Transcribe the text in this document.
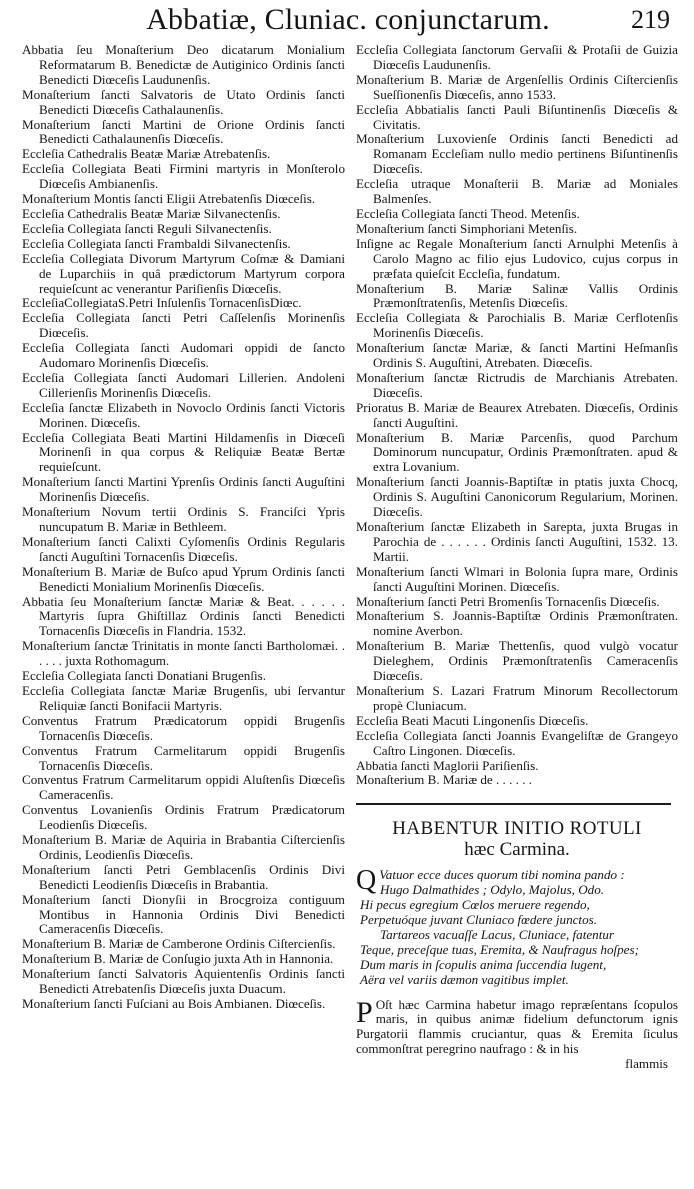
Abbatiæ, Cluniac. conjunctarum.	219

Abbatia ſeu Monaſterium Deo dicatarum Monialium Reformatarum B. Benedictæ de Autiginico Ordinis ſancti Benedicti Diœceſis Laudunenſis.

Monaſterium ſancti Salvatoris de Utato Ordinis ſancti Benedicti Diœceſis Cathalaunenſis.

Monaſterium ſancti Martini de Orione Ordinis ſancti Benedicti Cathalaunenſis Diœceſis.

Eccleſia Cathedralis Beatæ Mariæ Atrebatenſis.

Eccleſia Collegiata Beati Firmini martyris in Monſterolo Diœceſis Ambianenſis.

Monaſterium Montis ſancti Eligii Atrebatenſis Diœceſis.

Eccleſia Cathedralis Beatæ Mariæ Silvanectenſis.

Eccleſia Collegiata ſancti Reguli Silvanectenſis.

Eccleſia Collegiata ſancti Frambaldi Silvanectenſis.

Eccleſia Collegiata Divorum Martyrum Coſmæ & Damiani de Luparchiis in quâ prædictorum Martyrum corpora requieſcunt ac venerantur Pariſienſis Diœceſis.

EccleſiaCollegiataS.Petri Inſulenſis TornacenſisDiœc.

Eccleſia Collegiata ſancti Petri Caſſelenſis Morinenſis Diœceſis.

Eccleſia Collegiata ſancti Audomari oppidi de ſancto Audomaro Morinenſis Diœceſis.

Eccleſia Collegiata ſancti Audomari Lillerien. Andoleni Cillerienſis Morinenſis Diœceſis.

Eccleſia ſanctæ Elizabeth in Novoclo Ordinis ſancti Victoris Morinen. Diœceſis.

Eccleſia Collegiata Beati Martini Hildamenſis in Diœceſi Morinenſi in qua corpus & Reliquiæ Beatæ Bertæ requieſcunt.

Monaſterium ſancti Martini Yprenſis Ordinis ſancti Auguſtini Morinenſis Diœceſis.

Monaſterium Novum tertii Ordinis S. Franciſci Ypris nuncupatum B. Mariæ in Bethleem.

Monaſterium ſancti Calixti Cyſomenſis Ordinis Regularis ſancti Auguſtini Tornacenſis Diœceſis.

Monaſterium B. Mariæ de Buſco apud Yprum Ordinis ſancti Benedicti Monialium Morinenſis Diœceſis.

Abbatia ſeu Monaſterium ſanctæ Mariæ & Beat. . . . . . Martyris ſupra Ghiſtillaz Ordinis ſancti Benedicti Tornacenſis Diœceſis in Flandria. 1532.

Monaſterium ſanctæ Trinitatis in monte ſancti Bartholomæi. . . . . . juxta Rothomagum.

Eccleſia Collegiata ſancti Donatiani Brugenſis.

Eccleſia Collegiata ſanctæ Mariæ Brugenſis, ubi ſervantur Reliquiæ ſancti Bonifacii Martyris.

Conventus Fratrum Prædicatorum oppidi Brugenſis Tornacenſis Diœceſis.

Conventus Fratrum Carmelitarum oppidi Brugenſis Tornacenſis Diœceſis.

Conventus Fratrum Carmelitarum oppidi Aluſtenſis Diœceſis Cameracenſis.

Conventus Lovanienſis Ordinis Fratrum Prædicatorum Leodienſis Diœceſis.

Monaſterium B. Mariæ de Aquiria in Brabantia Ciſtercienſis Ordinis, Leodienſis Diœceſis.

Monaſterium ſancti Petri Gemblacenſis Ordinis Divi Benedicti Leodienſis Diœceſis in Brabantia.

Monaſterium ſancti Dionyſii in Brocgroiza contiguum Montibus in Hannonia Ordinis Divi Benedicti Cameracenſis Diœceſis.

Monaſterium B. Mariæ de Camberone Ordinis Ciſtercienſis.

Monaſterium B. Mariæ de Conſugio juxta Ath in Hannonia.

Monaſterium ſancti Salvatoris Aquientenſis Ordinis ſancti Benedicti Atrebatenſis Diœceſis juxta Duacum.

Monaſterium ſancti Fuſciani au Bois Ambianen. Diœceſis.

Eccleſia Collegiata ſanctorum Gervaſii & Protaſii de Guizia Diœceſis Laudunenſis.

Monaſterium B. Mariæ de Argenſellis Ordinis Ciſtercienſis Sueſſionenſis Diœceſis, anno 1533.

Eccleſia Abbatialis ſancti Pauli Biſuntinenſis Diœceſis & Civitatis.

Monaſterium Luxovienſe Ordinis ſancti Benedicti ad Romanam Eccleſiam nullo medio pertinens Biſuntinenſis Diœceſis.

Eccleſia utraque Monaſterii B. Mariæ ad Moniales Balmenſes.

Eccleſia Collegiata ſancti Theod. Metenſis.

Monaſterium ſancti Simphoriani Metenſis.

Inſigne ac Regale Monaſterium ſancti Arnulphi Metenſis à Carolo Magno ac filio ejus Ludovico, cujus corpus in præfata quieſcit Eccleſia, fundatum.

Monaſterium B. Mariæ Salinæ Vallis Ordinis Præmonſtratenſis, Metenſis Diœceſis.

Eccleſia Collegiata & Parochialis B. Mariæ Cerflotenſis Morinenſis Diœceſis.

Monaſterium ſanctæ Mariæ, & ſancti Martini Heſmanſis Ordinis S. Auguſtini, Atrebaten. Diœceſis.

Monaſterium ſanctæ Rictrudis de Marchianis Atrebaten. Diœceſis.

Prioratus B. Mariæ de Beaurex Atrebaten. Diœceſis, Ordinis ſancti Auguſtini.

Monaſterium B. Mariæ Parcenſis, quod Parchum Dominorum nuncupatur, Ordinis Præmonſtraten. apud & extra Lovanium.

Monaſterium ſancti Joannis-Baptiſtæ in ptatis juxta Chocq, Ordinis S. Auguſtini Canonicorum Regularium, Morinen. Diœceſis.

Monaſterium ſanctæ Elizabeth in Sarepta, juxta Brugas in Parochia de . . . . . . Ordinis ſancti Auguſtini, 1532. 13. Martii.

Monaſterium ſancti Wlmari in Bolonia ſupra mare, Ordinis ſancti Auguſtini Morinen. Diœceſis.

Monaſterium ſancti Petri Bromenſis Tornacenſis Diœceſis.

Monaſterium S. Joannis-Baptiſtæ Ordinis Præmonſtraten. nomine Averbon.

Monaſterium B. Mariæ Thettenſis, quod vulgò vocatur Dieleghem, Ordinis Præmonſtratenſis Cameracenſis Diœceſis.

Monaſterium S. Lazari Fratrum Minorum Recollectorum propè Cluniacum.

Eccleſia Beati Macuti Lingonenſis Diœceſis.

Eccleſia Collegiata ſancti Joannis Evangeliſtæ de Grangeyo Caſtro Lingonen. Diœceſis.

Abbatia ſancti Maglorii Pariſienſis.

Monaſterium B. Mariæ de . . . . . .

HABENTUR INITIO ROTULI

hæc Carmina.

Q Vatuor ecce duces quorum tibi nomina pando :

Hugo Dalmathides ; Odylo, Majolus, Odo.

Hi pecus egregium Cœlos meruere regendo,

Perpetuóque juvant Cluniaco fœdere junctos.

Tartareos vacuaſſe Lacus, Cluniace, fatentur

Teque, preceſque tuas, Eremita, & Naufragus hoſpes;

Dum maris in ſcopulis anima ſuccendia lugent,

Aëra vel variis dæmon vagitibus implet.

P Oſt hæc Carmina habetur imago repræſentans ſcopulos maris, in quibus animæ fidelium defunctorum ignis Purgatorii flammis cruciantur, quas & Eremita ſiculus commonſtrat peregrino naufrago : & in his

flammis
